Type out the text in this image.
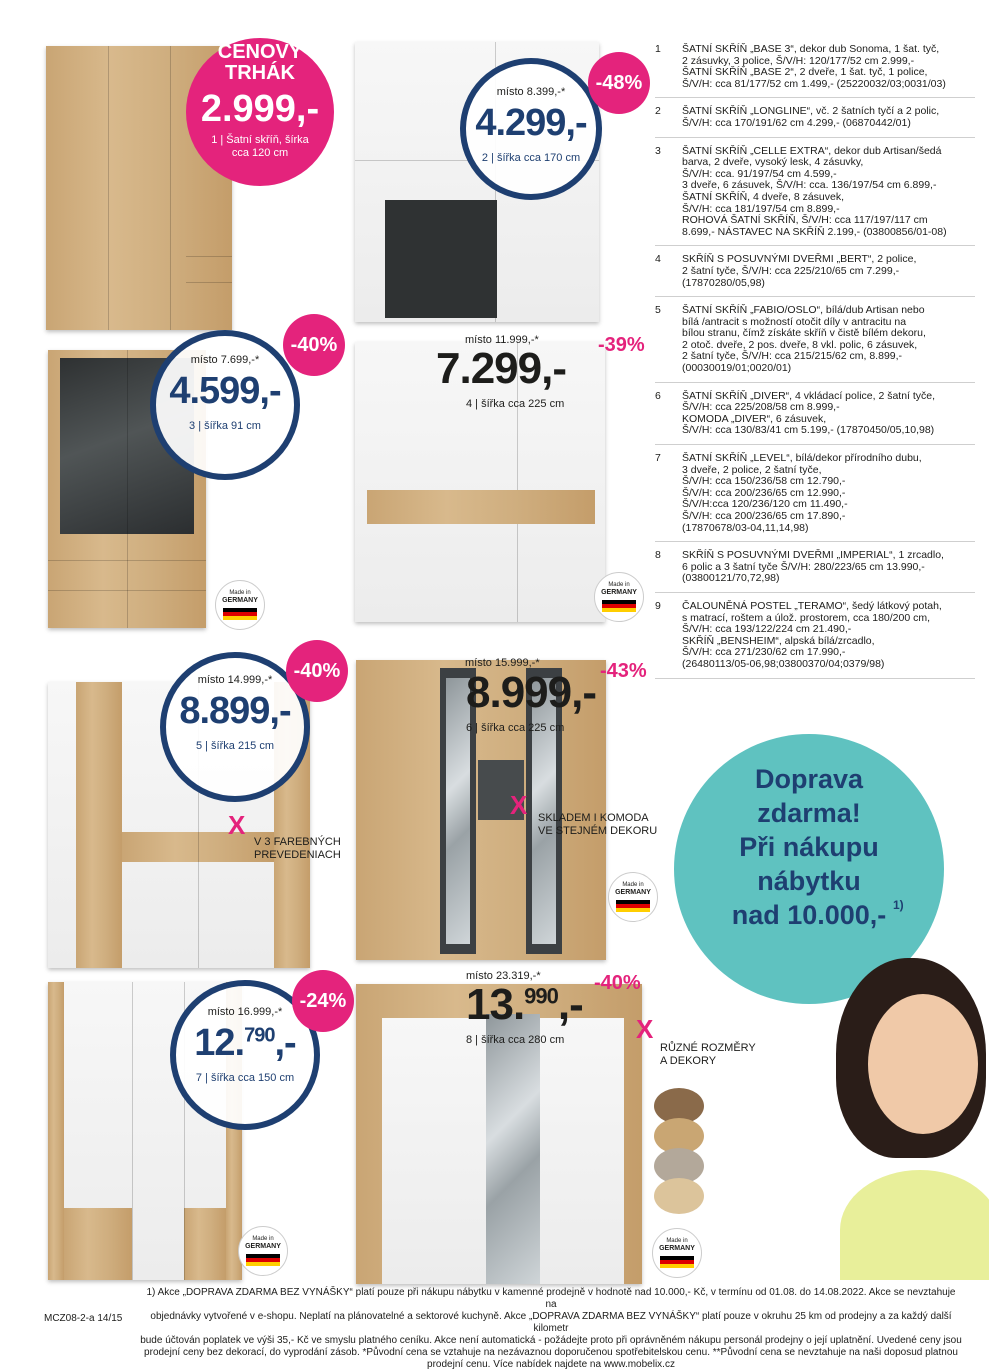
CENOVÝ
TRHÁK
2.999,-
1 | Šatní skříň, šírka cca 120 cm
místo 8.399,-*
4.299,-
2 | šířka cca 170 cm
-48%
místo 7.699,-*
4.599,-
3 | šířka 91 cm
-40%
Made in
GERMANY
místo 11.999,-*
7.299,- -39%
4 | šířka cca 225 cm
Made in
GERMANY
místo 14.999,-*
8.899,-
5 | šířka 215 cm
-40%
X
V 3 FAREBNÝCH
PREVEDENIACH
místo 15.999,-*
8.999,- -43%
6 | šířka cca 225 cm
X SKLADEM I KOMODA
VE STEJNÉM DEKORU
Made in
GERMANY
místo 16.999,-*
12.$^{790}$,-
7 | šířka cca 150 cm
-24%
Made in
GERMANY
místo 23.319,-*
13.$^{990}$,- -40%
8 | šířka cca 280 cm	X
RŮZNÉ ROZMĚRY
A DEKORY
Made in
GERMANY
1 ŠATNÍ SKŘÍŇ „BASE 3“, dekor dub Sonoma, 1 šat. tyč,
2 zásuvky, 3 police, Š/V/H: 120/177/52 cm 2.999,-
ŠATNÍ SKŘÍŇ „BASE 2“, 2 dveře, 1 šat. tyč, 1 police,
Š/V/H: cca 81/177/52 cm 1.499,- (25220032/03;0031/03)
2 ŠATNÍ SKŘÍŇ „LONGLINE“, vč. 2 šatních tyčí a 2 polic,
Š/V/H: cca 170/191/62 cm 4.299,- (06870442/01)
3 ŠATNÍ SKŘÍŇ „CELLE EXTRA“, dekor dub Artisan/šedá
barva, 2 dveře, vysoký lesk, 4 zásuvky,
Š/V/H: cca. 91/197/54 cm 4.599,-
3 dveře, 6 zásuvek, Š/V/H: cca. 136/197/54 cm 6.899,-
ŠATNÍ SKŘÍŇ, 4 dveře, 8 zásuvek,
Š/V/H: cca 181/197/54 cm 8.899,-
ROHOVÁ ŠATNÍ SKŘÍŇ, Š/V/H: cca 117/197/117 cm
8.699,- NÁSTAVEC NA SKŘÍŇ 2.199,- (03800856/01-08)
4 SKŘÍŇ S POSUVNÝMI DVEŘMI „BERT“, 2 police,
2 šatní tyče, Š/V/H: cca 225/210/65 cm 7.299,-
(17870280/05,98)
5 ŠATNÍ SKŘÍŇ „FABIO/OSLO“, bílá/dub Artisan nebo
bílá /antracit s možností otočit díly v antracitu na
bílou stranu, čímž získáte skříň v čistě bílém dekoru,
2 otoč. dveře, 2 pos. dveře, 8 vkl. polic, 6 zásuvek,
2 šatní tyče, Š/V/H: cca 215/215/62 cm, 8.899,-
(00030019/01;0020/01)
6 ŠATNÍ SKŘÍŇ „DIVER“, 4 vkládací police, 2 šatní tyče,
Š/V/H: cca 225/208/58 cm 8.999,-
KOMODA „DIVER“, 6 zásuvek,
Š/V/H: cca 130/83/41 cm 5.199,- (17870450/05,10,98)
7 ŠATNÍ SKŘÍŇ „LEVEL“, bílá/dekor přírodního dubu,
3 dveře, 2 police, 2 šatní tyče,
Š/V/H: cca 150/236/58 cm 12.790,-
Š/V/H: cca 200/236/65 cm 12.990,-
Š/V/H:cca 120/236/120 cm 11.490,-
Š/V/H: cca 200/236/65 cm 17.890,-
(17870678/03-04,11,14,98)
8 SKŘÍŇ S POSUVNÝMI DVEŘMI „IMPERIAL“, 1 zrcadlo,
6 polic a 3 šatní tyče Š/V/H: 280/223/65 cm 13.990,-
(03800121/70,72,98)
9 ČALOUNĚNÁ POSTEL „TERAMO“, šedý látkový potah,
s matrací, roštem a úlož. prostorem, cca 180/200 cm,
Š/V/H: cca 193/122/224 cm 21.490,-
SKŘÍŇ „BENSHEIM“, alpská bílá/zrcadlo,
Š/V/H: cca 271/230/62 cm 17.990,-
(26480113/05-06,98;03800370/04;0379/98)
Doprava
zdarma!
Při nákupu
nábytku
nad 10.000,- 1)
1) Akce „DOPRAVA ZDARMA BEZ VYNÁŠKY“ platí pouze při nákupu nábytku v kamenné prodejně v hodnotě nad 10.000,- Kč, v termínu od 01.08. do 14.08.2022. Akce se nevztahuje na
objednávky vytvořené v e-shopu. Neplatí na plánovatelné a sektorové kuchyně. Akce „DOPRAVA ZDARMA BEZ VYNÁŠKY“ platí pouze v okruhu 25 km od prodejny a za každý další kilometr
bude účtován poplatek ve výši 35,- Kč ve smyslu platného ceníku. Akce není automatická - požádejte proto při oprávněném nákupu personál prodejny o její uplatnění. Uvedené ceny jsou
prodejní ceny bez dekorací, do vyprodání zásob. *Původní cena se vztahuje na nezávaznou doporučenou spotřebitelskou cenu. **Původní cena se nevztahuje na naši doposud platnou
prodejní cenu. Více nabídek najdete na www.mobelix.cz
MCZ08-2-a 14/15
